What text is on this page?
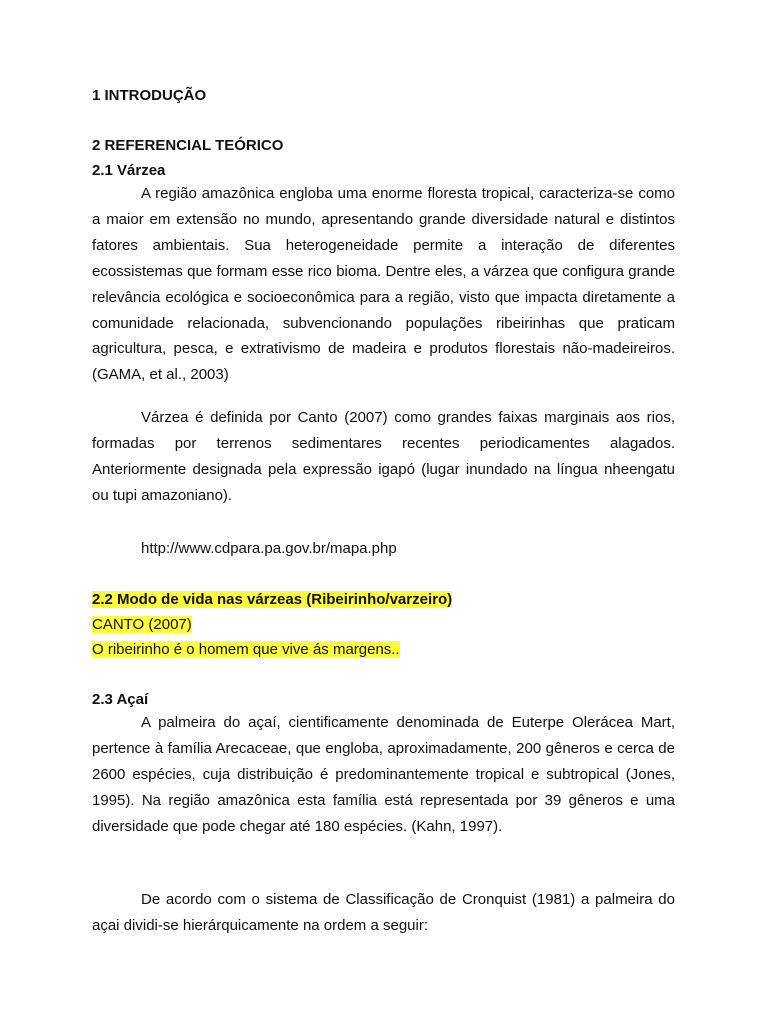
1 INTRODUÇÃO
2 REFERENCIAL TEÓRICO
2.1 Várzea

A região amazônica engloba uma enorme floresta tropical, caracteriza-se como a maior em extensão no mundo, apresentando grande diversidade natural e distintos fatores ambientais. Sua heterogeneidade permite a interação de diferentes ecossistemas que formam esse rico bioma. Dentre eles, a várzea que configura grande relevância ecológica e socioeconômica para a região, visto que impacta diretamente a comunidade relacionada, subvencionando populações ribeirinhas que praticam agricultura, pesca, e extrativismo de madeira e produtos florestais não-madeireiros. (GAMA, et al., 2003)

Várzea é definida por Canto (2007) como grandes faixas marginais aos rios, formadas por terrenos sedimentares recentes periodicamentes alagados. Anteriormente designada pela expressão igapó (lugar inundado na língua nheengatu ou tupi amazoniano).

http://www.cdpara.pa.gov.br/mapa.php
2.2 Modo de vida nas várzeas (Ribeirinho/varzeiro)
CANTO (2007)
O ribeirinho é o homem que vive ás margens..
2.3 Açaí

A palmeira do açaí, cientificamente denominada de Euterpe Olerácea Mart, pertence à família Arecaceae, que engloba, aproximadamente, 200 gêneros e cerca de 2600 espécies, cuja distribuição é predominantemente tropical e subtropical (Jones, 1995). Na região amazônica esta família está representada por 39 gêneros e uma diversidade que pode chegar até 180 espécies. (Kahn, 1997).

De acordo com o sistema de Classificação de Cronquist (1981) a palmeira do açai dividi-se hierárquicamente na ordem a seguir:
